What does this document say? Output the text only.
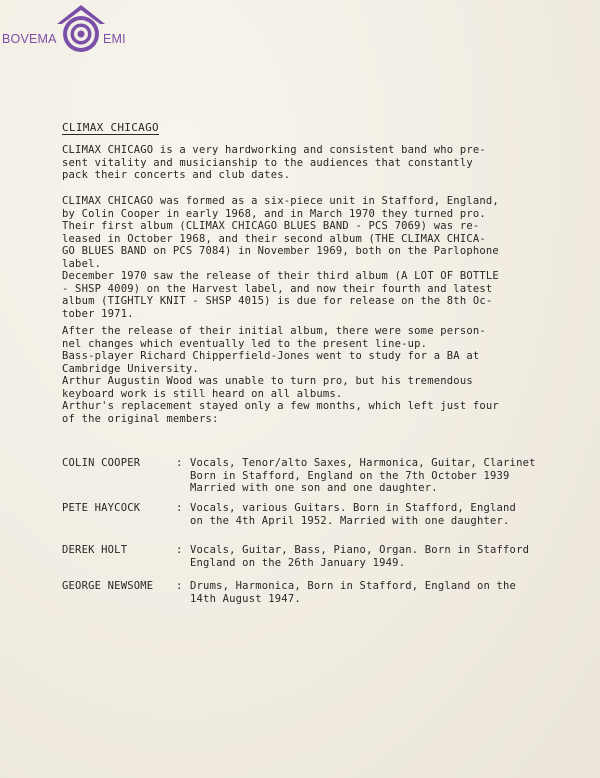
BOVEMA	EMI
CLIMAX CHICAGO
CLIMAX CHICAGO is a very hardworking and consistent band who pre-
sent vitality and musicianship to the audiences that constantly
pack their concerts and club dates.
CLIMAX CHICAGO was formed as a six-piece unit in Stafford, England,
by Colin Cooper in early 1968, and in March 1970 they turned pro.
Their first album (CLIMAX CHICAGO BLUES BAND - PCS 7069) was re-
leased in October 1968, and their second album (THE CLIMAX CHICA-
GO BLUES BAND on PCS 7084) in November 1969, both on the Parlophone
label.
December 1970 saw the release of their third album (A LOT OF BOTTLE
- SHSP 4009) on the Harvest label, and now their fourth and latest
album (TIGHTLY KNIT - SHSP 4015) is due for release on the 8th Oc-
tober 1971.
After the release of their initial album, there were some person-
nel changes which eventually led to the present line-up.
Bass-player Richard Chipperfield-Jones went to study for a BA at
Cambridge University.
Arthur Augustin Wood was unable to turn pro, but his tremendous
keyboard work is still heard on all albums.
Arthur's replacement stayed only a few months, which left just four
of the original members:
COLIN COOPER	: Vocals, Tenor/alto Saxes, Harmonica, Guitar, Clarinet
Born in Stafford, England on the 7th October 1939
Married with one son and one daughter.
PETE HAYCOCK	: Vocals, various Guitars. Born in Stafford, England
on the 4th April 1952. Married with one daughter.
DEREK HOLT	: Vocals, Guitar, Bass, Piano, Organ. Born in Stafford
England on the 26th January 1949.
GEORGE NEWSOME : Drums, Harmonica, Born in Stafford, England on the
14th August 1947.
